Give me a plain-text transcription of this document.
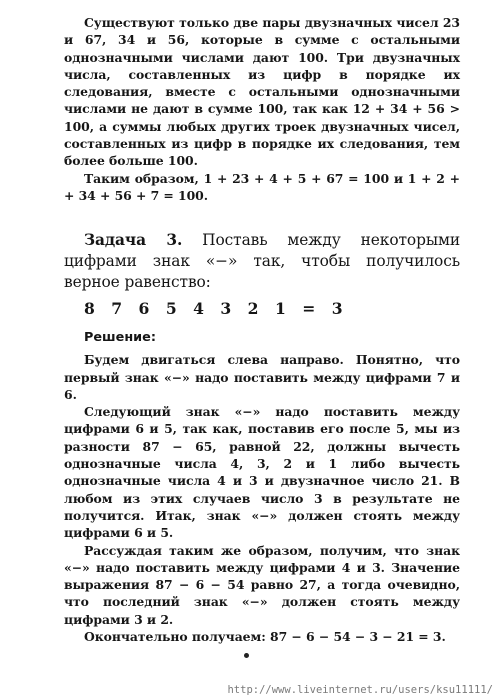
Существуют только две пары двузначных чисел 23 и 67, 34 и 56, которые в сумме с остальными однозначными числами дают 100. Три двузначных числа, составленных из цифр в порядке их следования, вместе с остальными однозначными числами не дают в сумме 100, так как 12 + 34 + 56 > 100, а суммы любых других троек двузначных чисел, составленных из цифр в порядке их следования, тем более больше 100.

Таким образом, 1 + 23 + 4 + 5 + 67 = 100 и 1 + 2 + + 34 + 56 + 7 = 100.

Задача 3. Поставь между некоторыми цифрами знак «−» так, чтобы получилось верное равенство:

8 7 6 5 4 3 2 1 = 3
Решение:

Будем двигаться слева направо. Понятно, что первый знак «−» надо поставить между цифрами 7 и 6.

Следующий знак «−» надо поставить между цифрами 6 и 5, так как, поставив его после 5, мы из разности 87 − 65, равной 22, должны вычесть однозначные числа 4, 3, 2 и 1 либо вычесть однозначные числа 4 и 3 и двузначное число 21. В любом из этих случаев число 3 в результате не получится. Итак, знак «−» должен стоять между цифрами 6 и 5.

Рассуждая таким же образом, получим, что знак «−» надо поставить между цифрами 4 и 3. Значение выражения 87 − 6 − 54 равно 27, а тогда очевидно, что последний знак «−» должен стоять между цифрами 3 и 2.

Окончательно получаем: 87 − 6 − 54 − 3 − 21 = 3.

http://www.liveinternet.ru/users/ksu11111/
